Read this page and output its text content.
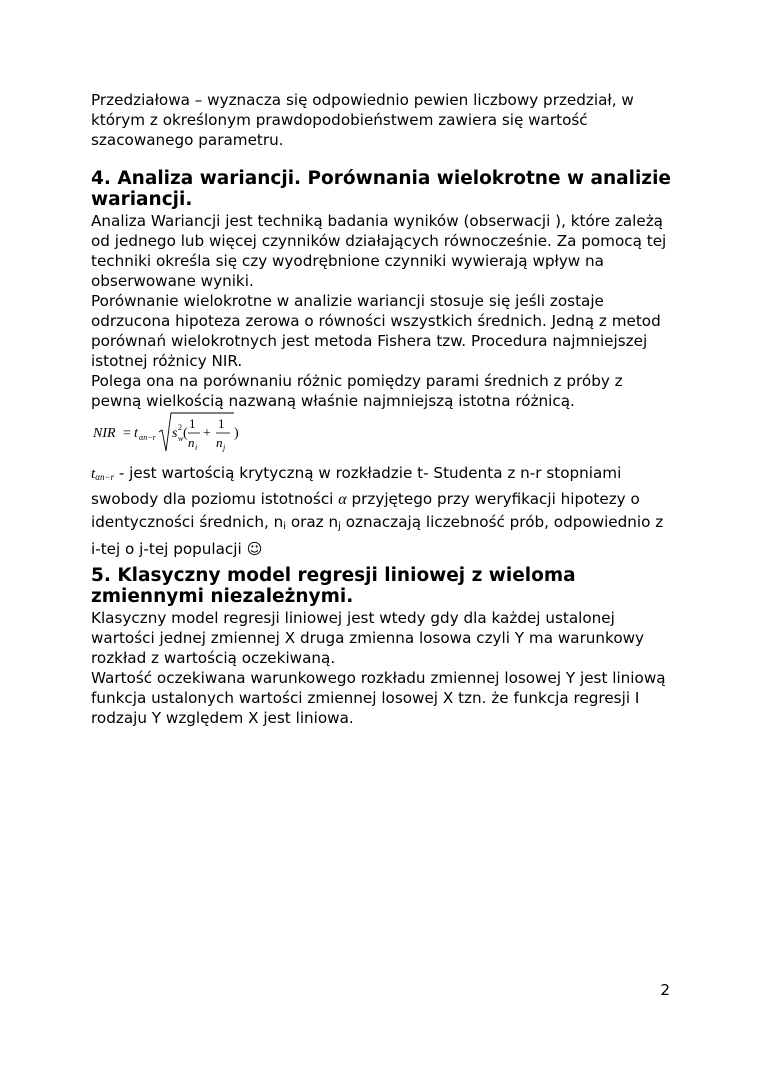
Przedziałowa – wyznacza się odpowiednio pewien liczbowy przedział, w którym z określonym prawdopodobieństwem zawiera się wartość szacowanego parametru.

4. Analiza wariancji. Porównania wielokrotne w analizie wariancji.

Analiza Wariancji jest techniką badania wyników (obserwacji ), które zależą od jednego lub więcej czynników działających równocześnie. Za pomocą tej techniki określa się czy wyodrębnione czynniki wywierają wpływ na obserwowane wyniki.

Porównanie wielokrotne w analizie wariancji stosuje się jeśli zostaje odrzucona hipoteza zerowa o równości wszystkich średnich. Jedną z metod porównań wielokrotnych jest metoda Fishera tzw. Procedura najmniejszej istotnej różnicy NIR.

Polega ona na porównaniu różnic pomiędzy parami średnich z próby z pewną wielkością nazwaną właśnie najmniejszą istotna różnicą.

NIR = t αn−r s 2
w (
1
n i
+
1
n j
)

$t_{\alpha n-r}$ - jest wartością krytyczną w rozkładzie t- Studenta z n-r stopniami swobody dla poziomu istotności α przyjętego przy weryfikacji hipotezy o identyczności średnich, $n_i$ oraz $n_j$ oznaczają liczebność prób, odpowiednio z i-tej o j-tej populacji ☺

5. Klasyczny model regresji liniowej z wieloma zmiennymi niezależnymi.

Klasyczny model regresji liniowej jest wtedy gdy dla każdej ustalonej wartości jednej zmiennej X druga zmienna losowa czyli Y ma warunkowy rozkład z wartością oczekiwaną.

Wartość oczekiwana warunkowego rozkładu zmiennej losowej Y jest liniową funkcja ustalonych wartości zmiennej losowej X tzn. że funkcja regresji I rodzaju Y względem X jest liniowa.

2
